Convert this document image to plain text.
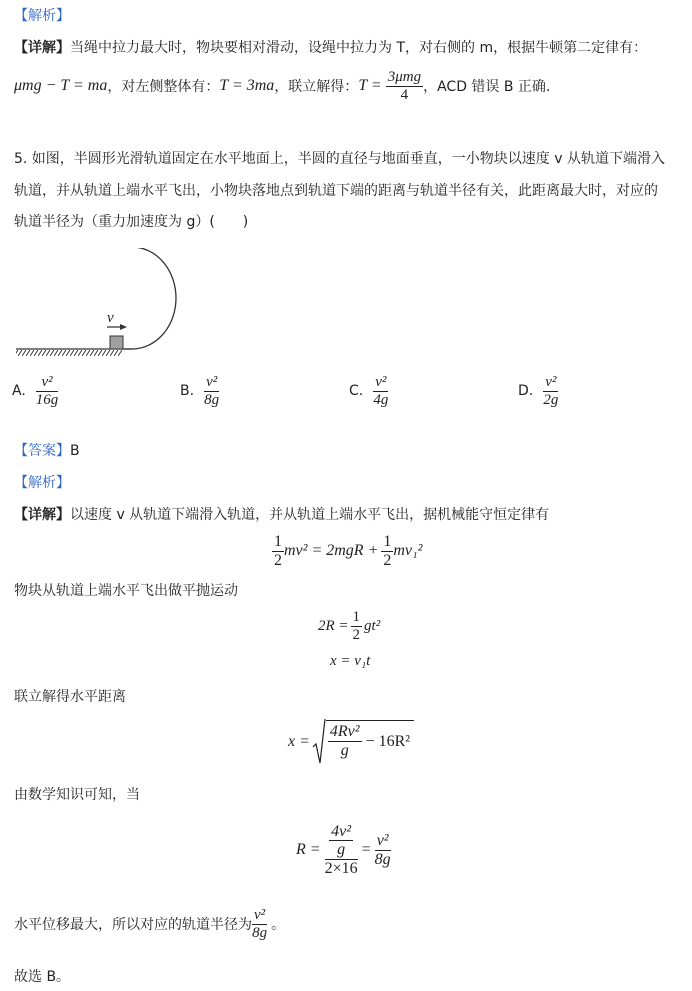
【解析】
【详解】当绳中拉力最大时，物块要相对滑动，设绳中拉力为 T，对右侧的 m，根据牛顿第二定律有：
μmg − T = ma ，对左侧整体有： T = 3ma ，联立解得： $T = \frac{\text{3μmg}}{4}$ ，ACD 错误 B 正确.
5. 如图，半圆形光滑轨道固定在水平地面上，半圆的直径与地面垂直，一小物块以速度 v 从轨道下端滑入
轨道，并从轨道上端水平飞出，小物块落地点到轨道下端的距离与轨道半径有关，此距离最大时，对应的
轨道半径为（重力加速度为 g）(　　)
v
A. $\frac{\text{v²}}{16g}$	B. $\frac{\text{v²}}{8g}$	C. $\frac{\text{v²}}{4g}$	D. $\frac{\text{v²}}{2g}$
【答案】B
【解析】
【详解】以速度 v 从轨道下端滑入轨道，并从轨道上端水平飞出，据机械能守恒定律有
$\frac{1}{2} mv^2 = 2mgR + \frac{1}{2} mv_1^2$
物块从轨道上端水平飞出做平抛运动
$2R = \frac{1}{2} gt^2$
x = v₁t
联立解得水平距离
$x = \frac{\text{4Rv²}}{g} - 16R^2$
由数学知识可知，当
$R = \frac{\frac{\text{4v²}}{g}}{2\times 16} = \frac{\text{v²}}{8g}$
水平位移最大，所以对应的轨道半径为 $\frac{\text{v²}}{8g}$ 。
故选 B。
